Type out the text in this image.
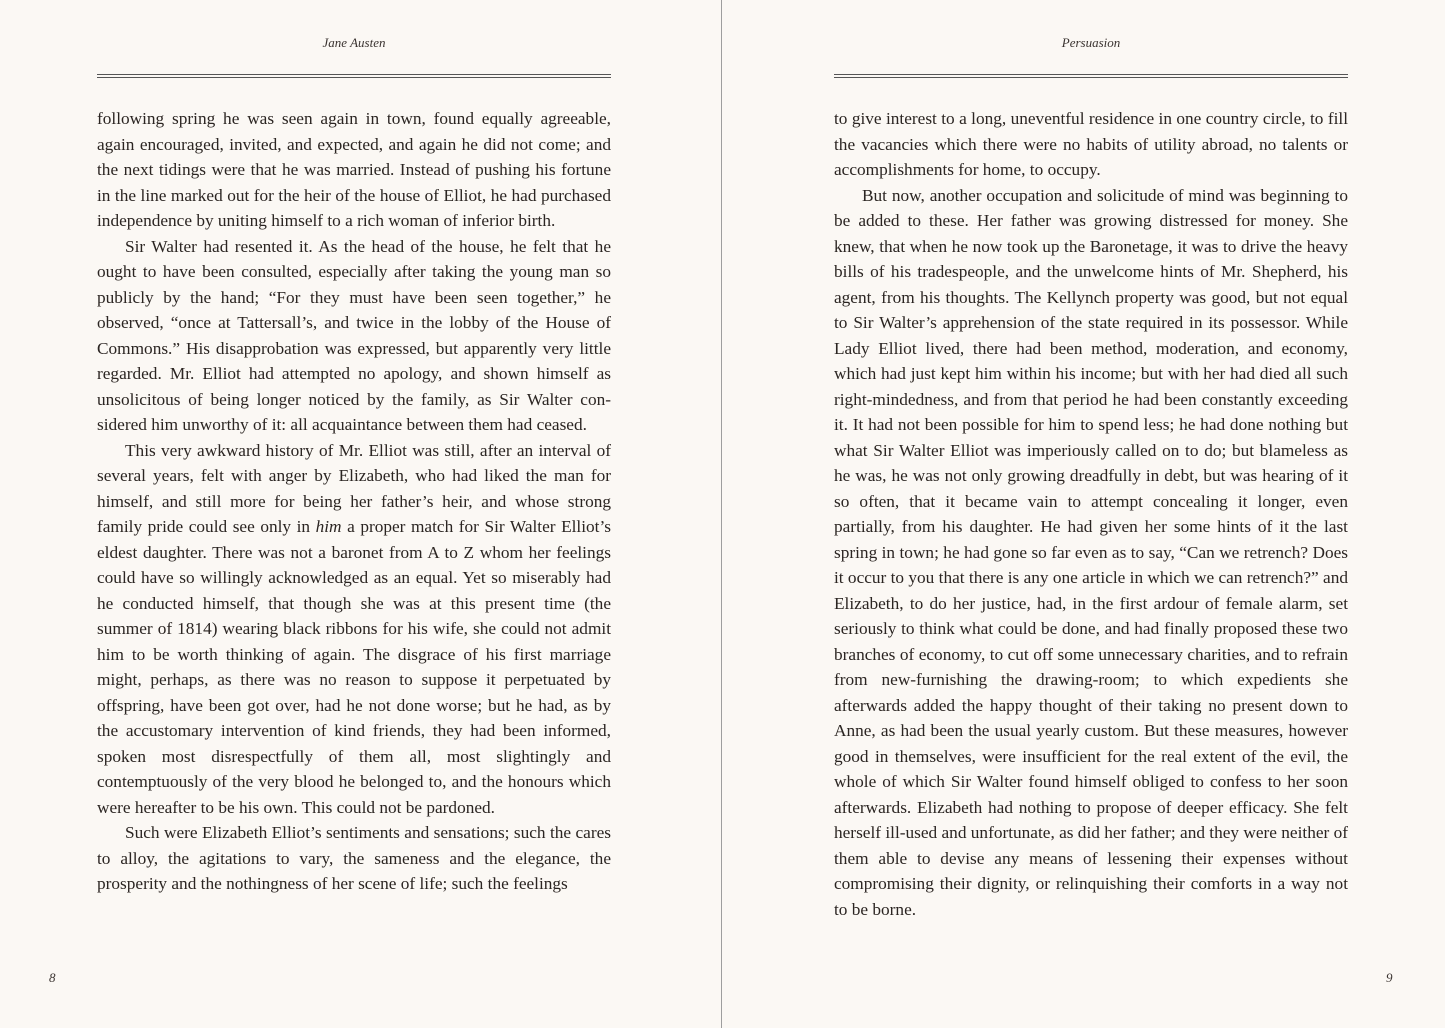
Jane Austen

following spring he was seen again in town, found equally agreeable, again encouraged, invited, and expected, and again he did not come; and the next tidings were that he was married. Instead of pushing his fortune in the line marked out for the heir of the house of Elliot, he had purchased independence by uniting himself to a rich woman of inferior birth.

Sir Walter had resented it. As the head of the house, he felt that he ought to have been consulted, especially after taking the young man so publicly by the hand; “For they must have been seen together,” he observed, “once at Tattersall’s, and twice in the lobby of the House of Commons.” His disapprobation was expressed, but apparently very little regarded. Mr. Elliot had attempted no apology, and shown himself as unsolicitous of being longer noticed by the family, as Sir Walter considered him unworthy of it: all acquaintance between them had ceased.

This very awkward history of Mr. Elliot was still, after an interval of several years, felt with anger by Elizabeth, who had liked the man for himself, and still more for being her father’s heir, and whose strong family pride could see only in him a proper match for Sir Walter Elliot’s eldest daughter. There was not a baronet from A to Z whom her feelings could have so willingly acknowledged as an equal. Yet so miserably had he conducted himself, that though she was at this present time (the summer of 1814) wearing black ribbons for his wife, she could not admit him to be worth thinking of again. The disgrace of his first marriage might, perhaps, as there was no reason to suppose it perpetuated by offspring, have been got over, had he not done worse; but he had, as by the accustomary intervention of kind friends, they had been informed, spoken most disrespectfully of them all, most slightingly and contemptuously of the very blood he belonged to, and the honours which were hereafter to be his own. This could not be pardoned.

Such were Elizabeth Elliot’s sentiments and sensations; such the cares to alloy, the agitations to vary, the sameness and the elegance, the prosperity and the nothingness of her scene of life; such the feelings

Persuasion

to give interest to a long, uneventful residence in one country circle, to fill the vacancies which there were no habits of utility abroad, no talents or accomplishments for home, to occupy.

But now, another occupation and solicitude of mind was beginning to be added to these. Her father was growing distressed for money. She knew, that when he now took up the Baronetage, it was to drive the heavy bills of his tradespeople, and the unwelcome hints of Mr. Shepherd, his agent, from his thoughts. The Kellynch property was good, but not equal to Sir Walter’s apprehension of the state required in its possessor. While Lady Elliot lived, there had been method, moderation, and economy, which had just kept him within his income; but with her had died all such right-mindedness, and from that period he had been constantly exceeding it. It had not been possible for him to spend less; he had done nothing but what Sir Walter Elliot was imperiously called on to do; but blameless as he was, he was not only growing dreadfully in debt, but was hearing of it so often, that it became vain to attempt concealing it longer, even partially, from his daughter. He had given her some hints of it the last spring in town; he had gone so far even as to say, “Can we retrench? Does it occur to you that there is any one article in which we can retrench?” and Elizabeth, to do her justice, had, in the first ardour of female alarm, set seriously to think what could be done, and had finally proposed these two branches of economy, to cut off some unnecessary charities, and to refrain from new-furnishing the drawing-room; to which expedients she afterwards added the happy thought of their taking no present down to Anne, as had been the usual yearly custom. But these measures, however good in themselves, were insufficient for the real extent of the evil, the whole of which Sir Walter found himself obliged to confess to her soon afterwards. Elizabeth had nothing to propose of deeper efficacy. She felt herself ill-used and unfortunate, as did her father; and they were neither of them able to devise any means of lessening their expenses without compromising their dignity, or relinquishing their comforts in a way not to be borne.

8	9
